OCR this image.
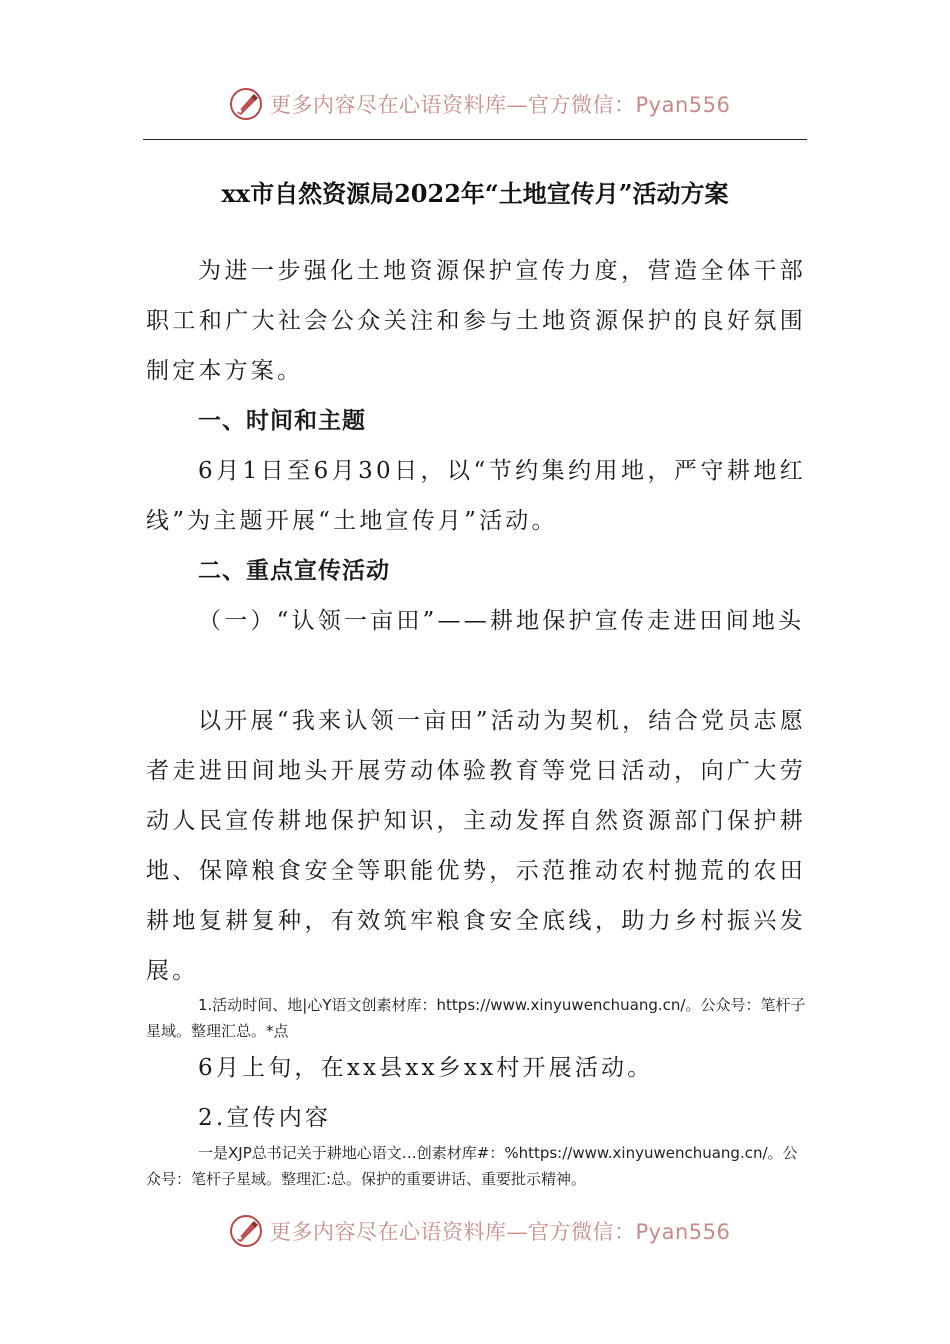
更多内容尽在心语资料库—官方微信：Pyan556
xx市自然资源局2022年“土地宣传月”活动方案

为进一步强化土地资源保护宣传力度，营造全体干部职工和广大社会公众关注和参与土地资源保护的良好氛围制定本方案。

一、时间和主题

6月1日至6月30日，以“节约集约用地，严守耕地红线”为主题开展“土地宣传月”活动。

二、重点宣传活动

（一）“认领一亩田”——耕地保护宣传走进田间地头

以开展“我来认领一亩田”活动为契机，结合党员志愿者走进田间地头开展劳动体验教育等党日活动，向广大劳动人民宣传耕地保护知识，主动发挥自然资源部门保护耕地、保障粮食安全等职能优势，示范推动农村抛荒的农田耕地复耕复种，有效筑牢粮食安全底线，助力乡村振兴发展。

1.活动时间、地|心Y语文创素材库：https://www.xinyuwenchuang.cn/。公众号：笔杆子星域。整理汇总。*点

6月上旬，在xx县xx乡xx村开展活动。

2.宣传内容

一是XJP总书记关于耕地心语文…创素材库#：%https://www.xinyuwenchuang.cn/。公众号：笔杆子星域。整理汇:总。保护的重要讲话、重要批示精神。

更多内容尽在心语资料库—官方微信：Pyan556
